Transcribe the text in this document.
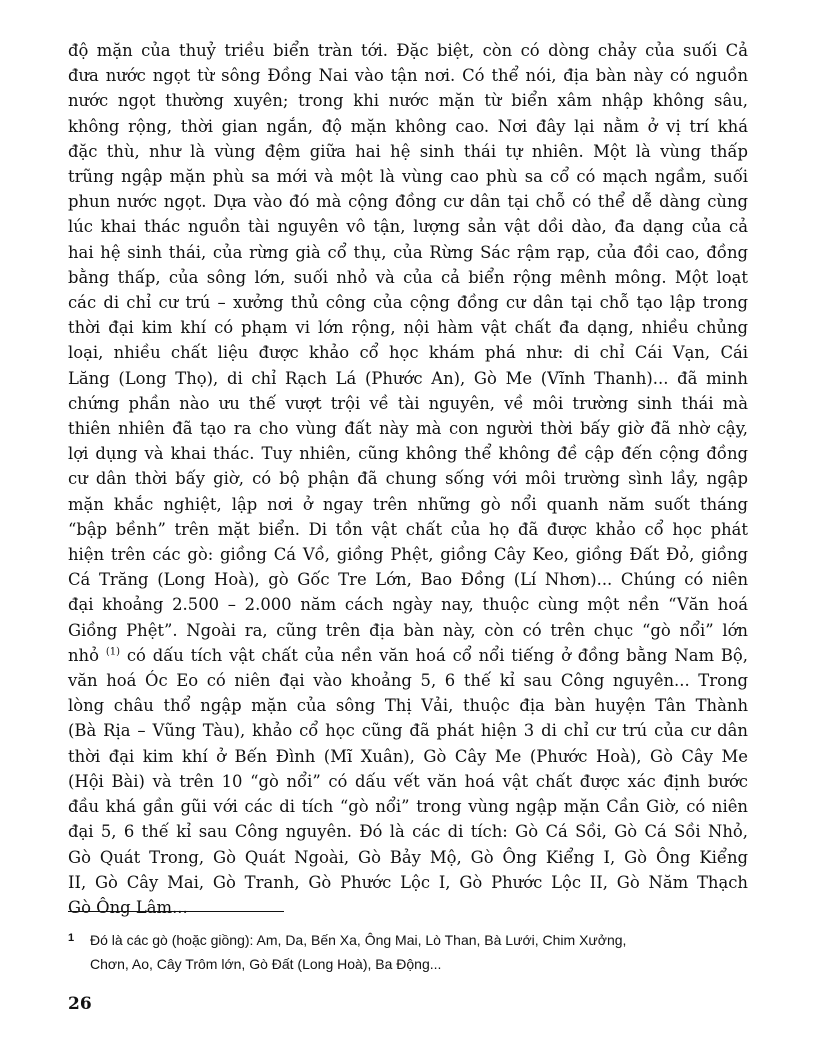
độ mặn của thuỷ triều biển tràn tới. Đặc biệt, còn có dòng chảy của suối Cả
đưa nước ngọt từ sông Đồng Nai vào tận nơi. Có thể nói, địa bàn này có nguồn
nước ngọt thường xuyên; trong khi nước mặn từ biển xâm nhập không sâu,
không rộng, thời gian ngắn, độ mặn không cao. Nơi đây lại nằm ở vị trí khá
đặc thù, như là vùng đệm giữa hai hệ sinh thái tự nhiên. Một là vùng thấp
trũng ngập mặn phù sa mới và một là vùng cao phù sa cổ có mạch ngầm, suối
phun nước ngọt. Dựa vào đó mà cộng đồng cư dân tại chỗ có thể dễ dàng cùng
lúc khai thác nguồn tài nguyên vô tận, lượng sản vật dồi dào, đa dạng của cả
hai hệ sinh thái, của rừng già cổ thụ, của Rừng Sác rậm rạp, của đồi cao, đồng
bằng thấp, của sông lớn, suối nhỏ và của cả biển rộng mênh mông. Một loạt
các di chỉ cư trú – xưởng thủ công của cộng đồng cư dân tại chỗ tạo lập trong
thời đại kim khí có phạm vi lớn rộng, nội hàm vật chất đa dạng, nhiều chủng
loại, nhiều chất liệu được khảo cổ học khám phá như: di chỉ Cái Vạn, Cái
Lăng (Long Thọ), di chỉ Rạch Lá (Phước An), Gò Me (Vĩnh Thanh)... đã minh
chứng phần nào ưu thế vượt trội về tài nguyên, về môi trường sinh thái mà
thiên nhiên đã tạo ra cho vùng đất này mà con người thời bấy giờ đã nhờ cậy,
lợi dụng và khai thác. Tuy nhiên, cũng không thể không đề cập đến cộng đồng
cư dân thời bấy giờ, có bộ phận đã chung sống với môi trường sình lầy, ngập
mặn khắc nghiệt, lập nơi ở ngay trên những gò nổi quanh năm suốt tháng
“bập bềnh” trên mặt biển. Di tồn vật chất của họ đã được khảo cổ học phát
hiện trên các gò: giồng Cá Vồ, giồng Phệt, giồng Cây Keo, giồng Đất Đỏ, giồng
Cá Trăng (Long Hoà), gò Gốc Tre Lớn, Bao Đồng (Lí Nhơn)... Chúng có niên
đại khoảng 2.500 – 2.000 năm cách ngày nay, thuộc cùng một nền “Văn hoá
Giồng Phệt”. Ngoài ra, cũng trên địa bàn này, còn có trên chục “gò nổi” lớn
nhỏ $^{(1)}$ có dấu tích vật chất của nền văn hoá cổ nổi tiếng ở đồng bằng Nam Bộ,
văn hoá Óc Eo có niên đại vào khoảng 5, 6 thế kỉ sau Công nguyên... Trong
lòng châu thổ ngập mặn của sông Thị Vải, thuộc địa bàn huyện Tân Thành
(Bà Rịa – Vũng Tàu), khảo cổ học cũng đã phát hiện 3 di chỉ cư trú của cư dân
thời đại kim khí ở Bến Đình (Mĩ Xuân), Gò Cây Me (Phước Hoà), Gò Cây Me
(Hội Bài) và trên 10 “gò nổi” có dấu vết văn hoá vật chất được xác định bước
đầu khá gần gũi với các di tích “gò nổi” trong vùng ngập mặn Cần Giờ, có niên
đại 5, 6 thế kỉ sau Công nguyên. Đó là các di tích: Gò Cá Sồi, Gò Cá Sồi Nhỏ,
Gò Quát Trong, Gò Quát Ngoài, Gò Bảy Mộ, Gò Ông Kiểng I, Gò Ông Kiểng
II, Gò Cây Mai, Gò Tranh, Gò Phước Lộc I, Gò Phước Lộc II, Gò Năm Thạch
Gò Ông Lâm...
1 Đó là các gò (hoặc giồng): Am, Da, Bến Xa, Ông Mai, Lò Than, Bà Lưới, Chim Xưởng,
Chơn, Ao, Cây Trôm lớn, Gò Đất (Long Hoà), Ba Động...
26
